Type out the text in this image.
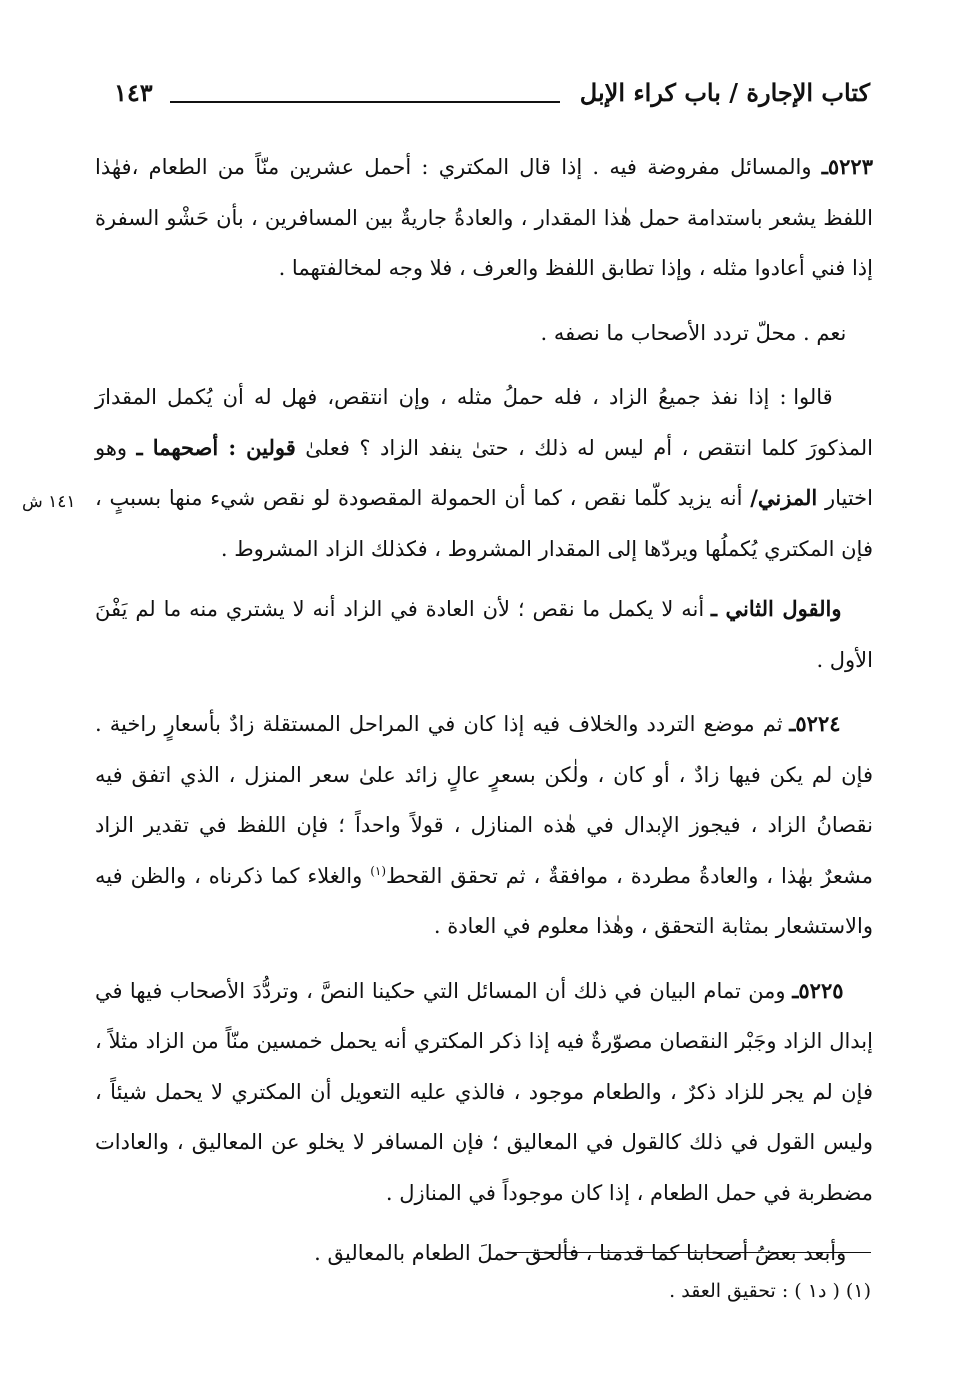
كتاب الإجارة / باب كراء الإبل
١٤٣
١٤١ ش

٥٢٢٣ـ والمسائل مفروضة فيه . إذا قال المكتري : أحمل عشرين منّاً من الطعام ،فهٰذا اللفظ يشعر باستدامة حمل هٰذا المقدار ، والعادةُ جاريةٌ بين المسافرين ، بأن حَشْو السفرة إذا فني أعادوا مثله ، وإذا تطابق اللفظ والعرف ، فلا وجه لمخالفتهما .

نعم . محلّ تردد الأصحاب ما نصفه .

قالوا : إذا نفذ جميعُ الزاد ، فله حملُ مثله ، وإن انتقص، فهل له أن يُكمل المقدارَ المذكورَ كلما انتقص ، أم ليس له ذلك ، حتىٰ ينفد الزاد ؟ فعلىٰ قولين : أصحهما ـ وهو اختيار المزني/ أنه يزيد كلّما نقص ، كما أن الحمولة المقصودة لو نقص شيء منها بسببٍ ، فإن المكتري يُكملُها ويردّها إلى المقدار المشروط ، فكذلك الزاد المشروط .

والقول الثاني ـ أنه لا يكمل ما نقص ؛ لأن العادة في الزاد أنه لا يشتري منه ما لم يَفْنَ الأول .

٥٢٢٤ـ ثم موضع التردد والخلاف فيه إذا كان في المراحل المستقلة زادٌ بأسعارٍ راخية . فإن لم يكن فيها زادٌ ، أو كان ، ولٰكن بسعرٍ عالٍ زائد علىٰ سعر المنزل ، الذي اتفق فيه نقصانُ الزاد ، فيجوز الإبدال في هٰذه المنازل ، قولاً واحداً ؛ فإن اللفظ في تقدير الزاد مشعرٌ بهٰذا ، والعادةُ مطردة ، موافقةٌ ، ثم تحقق القحط$^{(١)}$ والغلاء كما ذكرناه ، والظن فيه والاستشعار بمثابة التحقق ، وهٰذا معلوم في العادة .

٥٢٢٥ـ ومن تمام البيان في ذلك أن المسائل التي حكينا النصَّ ، وتردُّدَ الأصحاب فيها في إبدال الزاد وجَبْر النقصان مصوّرةٌ فيه إذا ذكر المكتري أنه يحمل خمسين منّاً من الزاد مثلاً ، فإن لم يجر للزاد ذكرٌ ، والطعام موجود ، فالذي عليه التعويل أن المكتري لا يحمل شيئاً ، وليس القول في ذلك كالقول في المعاليق ؛ فإن المسافر لا يخلو عن المعاليق ، والعادات مضطربة في حمل الطعام ، إذا كان موجوداً في المنازل .

وأبعد بعضُ أصحابنا كما قدمنا ، فألحق حملَ الطعام بالمعاليق .

(١) ( د١ ) : تحقيق العقد .
